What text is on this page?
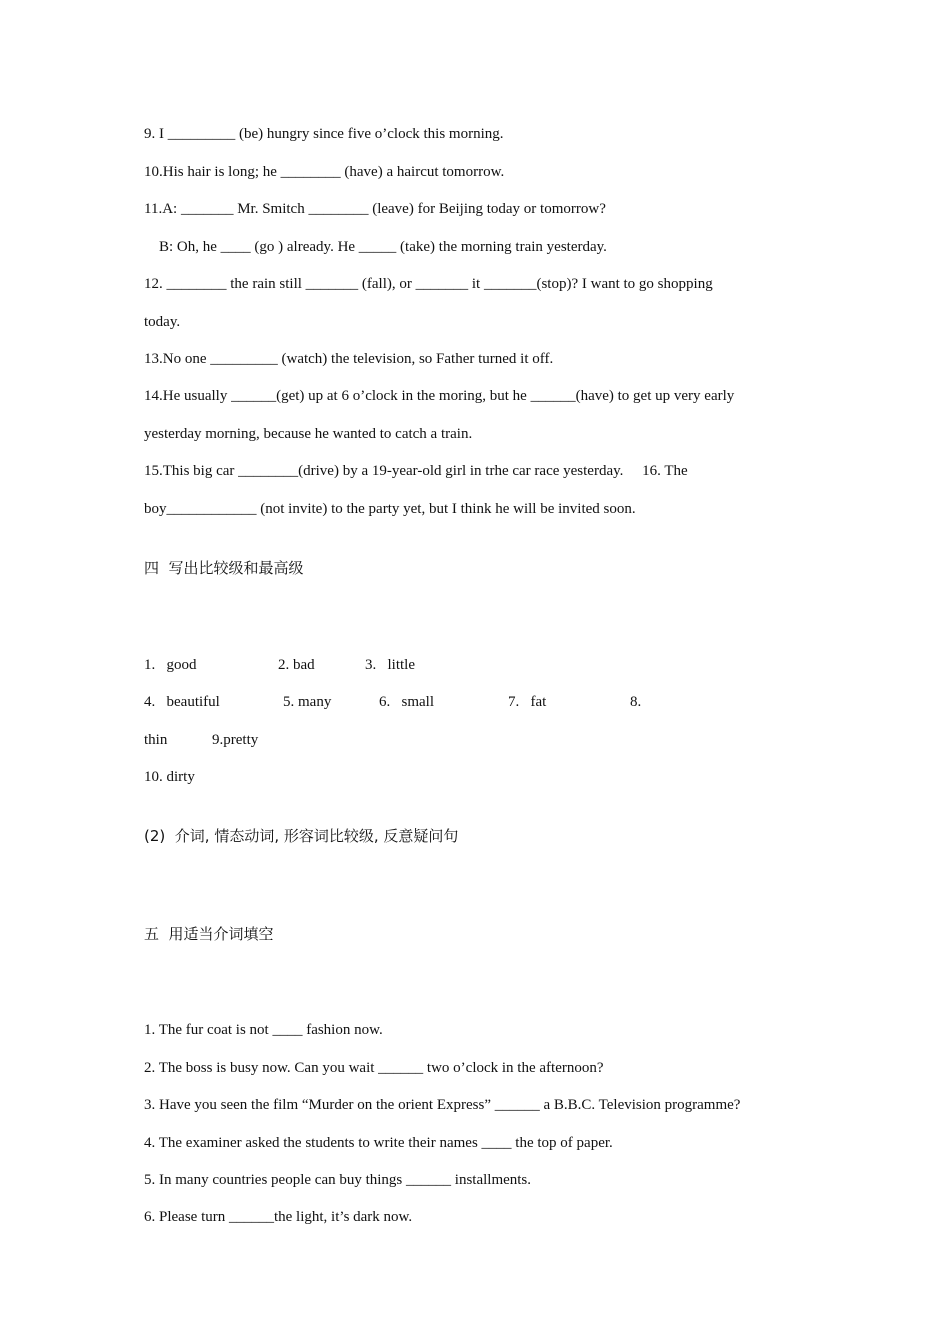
9. I _________ (be) hungry since five o’clock this morning.
10.His hair is long; he ________ (have) a haircut tomorrow.
11.A: _______ Mr. Smitch ________ (leave) for Beijing today or tomorrow?
B: Oh, he ____ (go ) already. He _____ (take) the morning train yesterday.
12. ________ the rain still _______ (fall), or _______ it _______(stop)? I want to go shopping
today.
13.No one _________ (watch) the television, so Father turned it off.
14.He usually ______(get) up at 6 o’clock in the moring, but he ______(have) to get up very early
yesterday morning, because he wanted to catch a train.
15.This big car ________(drive) by a 19-year-old girl in trhe car race yesterday.     16. The
boy____________ (not invite) to the party yet, but I think he will be invited soon.
四  写出比较级和最高级
1.   good	2. bad	3.   little
4.   beautiful	5. many	6.   small	7.   fat	8.
thin	9.pretty
10. dirty
(2)  介词, 情态动词, 形容词比较级, 反意疑问句
五  用适当介词填空
1. The fur coat is not ____ fashion now.
2. The boss is busy now. Can you wait ______ two o’clock in the afternoon?
3. Have you seen the film “Murder on the orient Express” ______ a B.B.C. Television programme?
4. The examiner asked the students to write their names ____ the top of paper.
5. In many countries people can buy things ______ installments.
6. Please turn ______the light, it’s dark now.
